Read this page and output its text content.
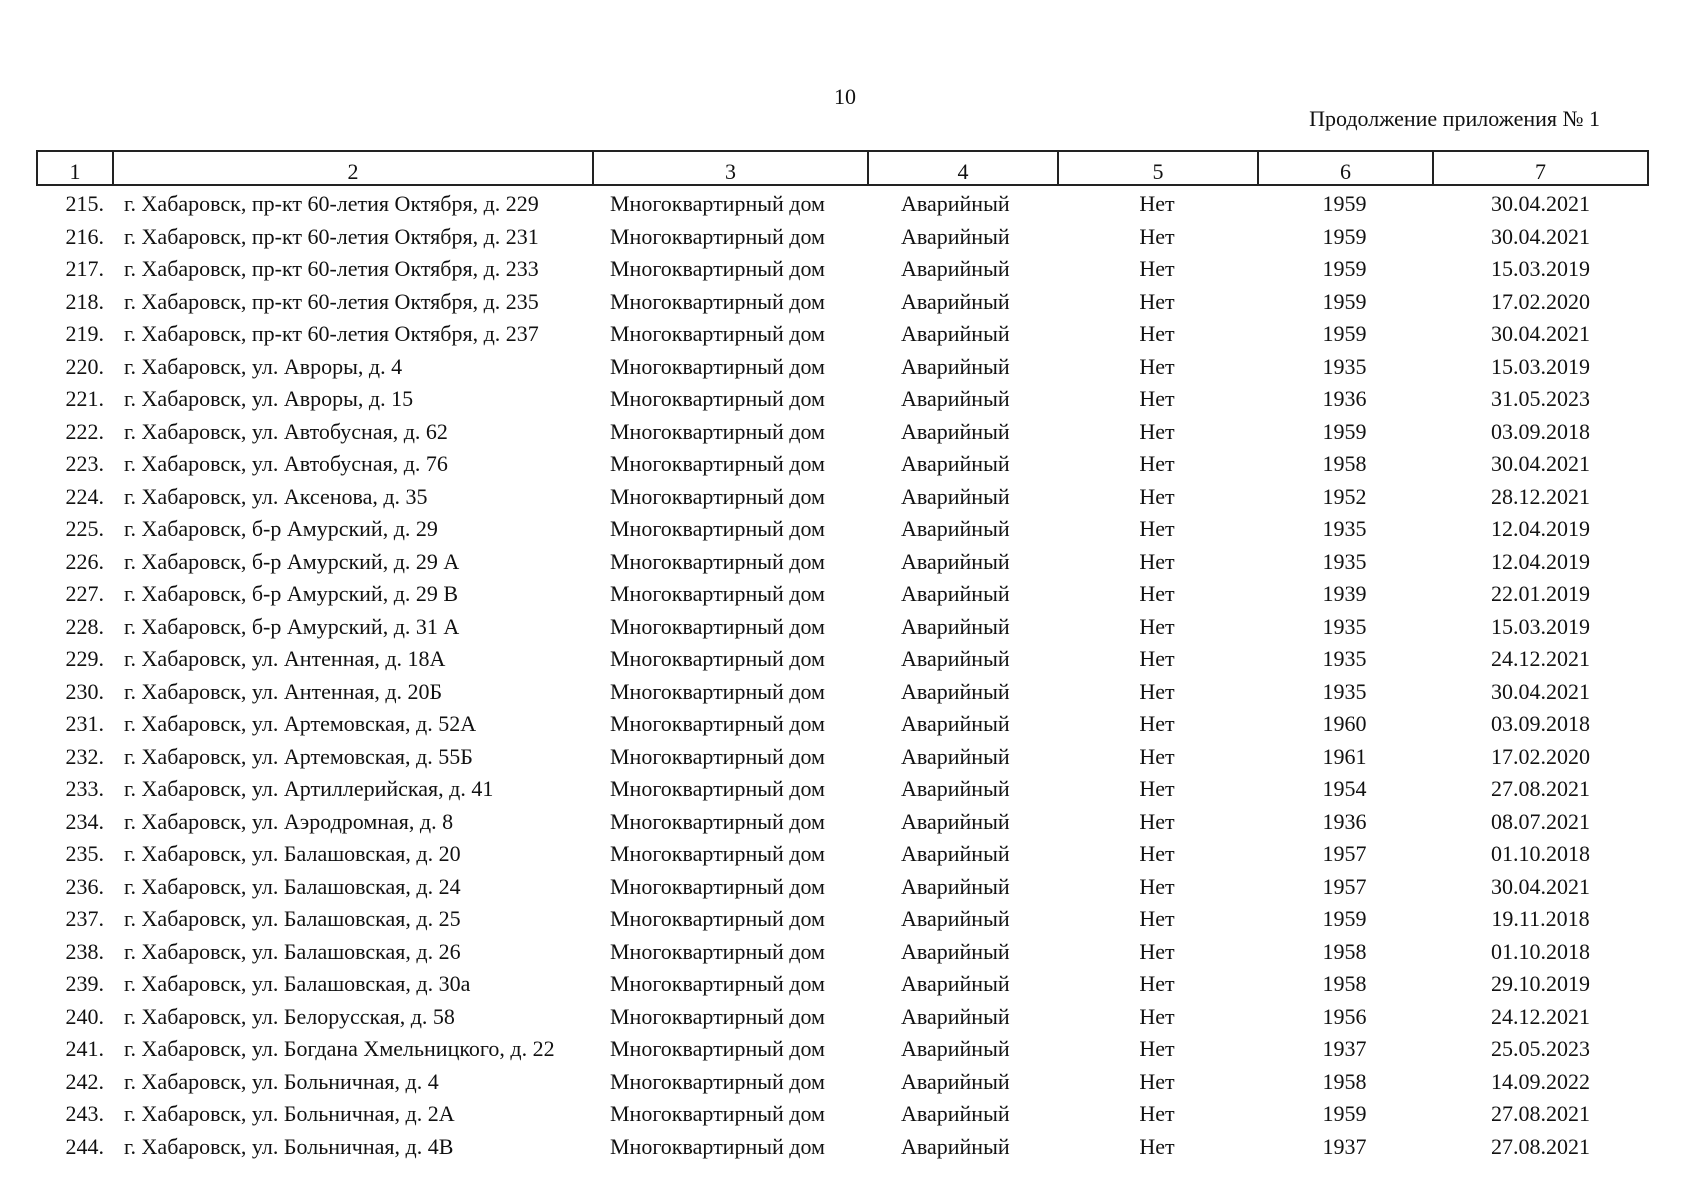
10
Продолжение приложения № 1
1	2	3	4	5	6	7
215. г. Хабаровск, пр-кт 60-летия Октября, д. 229	Многоквартирный дом	Аварийный	Нет	1959	30.04.2021
216. г. Хабаровск, пр-кт 60-летия Октября, д. 231	Многоквартирный дом	Аварийный	Нет	1959	30.04.2021
217. г. Хабаровск, пр-кт 60-летия Октября, д. 233	Многоквартирный дом	Аварийный	Нет	1959	15.03.2019
218. г. Хабаровск, пр-кт 60-летия Октября, д. 235	Многоквартирный дом	Аварийный	Нет	1959	17.02.2020
219. г. Хабаровск, пр-кт 60-летия Октября, д. 237	Многоквартирный дом	Аварийный	Нет	1959	30.04.2021
220. г. Хабаровск, ул. Авроры, д. 4	Многоквартирный дом	Аварийный	Нет	1935	15.03.2019
221. г. Хабаровск, ул. Авроры, д. 15	Многоквартирный дом	Аварийный	Нет	1936	31.05.2023
222. г. Хабаровск, ул. Автобусная, д. 62	Многоквартирный дом	Аварийный	Нет	1959	03.09.2018
223. г. Хабаровск, ул. Автобусная, д. 76	Многоквартирный дом	Аварийный	Нет	1958	30.04.2021
224. г. Хабаровск, ул. Аксенова, д. 35	Многоквартирный дом	Аварийный	Нет	1952	28.12.2021
225. г. Хабаровск, б-р Амурский, д. 29	Многоквартирный дом	Аварийный	Нет	1935	12.04.2019
226. г. Хабаровск, б-р Амурский, д. 29 А	Многоквартирный дом	Аварийный	Нет	1935	12.04.2019
227. г. Хабаровск, б-р Амурский, д. 29 В	Многоквартирный дом	Аварийный	Нет	1939	22.01.2019
228. г. Хабаровск, б-р Амурский, д. 31 А	Многоквартирный дом	Аварийный	Нет	1935	15.03.2019
229. г. Хабаровск, ул. Антенная, д. 18А	Многоквартирный дом	Аварийный	Нет	1935	24.12.2021
230. г. Хабаровск, ул. Антенная, д. 20Б	Многоквартирный дом	Аварийный	Нет	1935	30.04.2021
231. г. Хабаровск, ул. Артемовская, д. 52А	Многоквартирный дом	Аварийный	Нет	1960	03.09.2018
232. г. Хабаровск, ул. Артемовская, д. 55Б	Многоквартирный дом	Аварийный	Нет	1961	17.02.2020
233. г. Хабаровск, ул. Артиллерийская, д. 41	Многоквартирный дом	Аварийный	Нет	1954	27.08.2021
234. г. Хабаровск, ул. Аэродромная, д. 8	Многоквартирный дом	Аварийный	Нет	1936	08.07.2021
235. г. Хабаровск, ул. Балашовская, д. 20	Многоквартирный дом	Аварийный	Нет	1957	01.10.2018
236. г. Хабаровск, ул. Балашовская, д. 24	Многоквартирный дом	Аварийный	Нет	1957	30.04.2021
237. г. Хабаровск, ул. Балашовская, д. 25	Многоквартирный дом	Аварийный	Нет	1959	19.11.2018
238. г. Хабаровск, ул. Балашовская, д. 26	Многоквартирный дом	Аварийный	Нет	1958	01.10.2018
239. г. Хабаровск, ул. Балашовская, д. 30а	Многоквартирный дом	Аварийный	Нет	1958	29.10.2019
240. г. Хабаровск, ул. Белорусская, д. 58	Многоквартирный дом	Аварийный	Нет	1956	24.12.2021
241. г. Хабаровск, ул. Богдана Хмельницкого, д. 22	Многоквартирный дом	Аварийный	Нет	1937	25.05.2023
242. г. Хабаровск, ул. Больничная, д. 4	Многоквартирный дом	Аварийный	Нет	1958	14.09.2022
243. г. Хабаровск, ул. Больничная, д. 2А	Многоквартирный дом	Аварийный	Нет	1959	27.08.2021
244. г. Хабаровск, ул. Больничная, д. 4В	Многоквартирный дом	Аварийный	Нет	1937	27.08.2021
